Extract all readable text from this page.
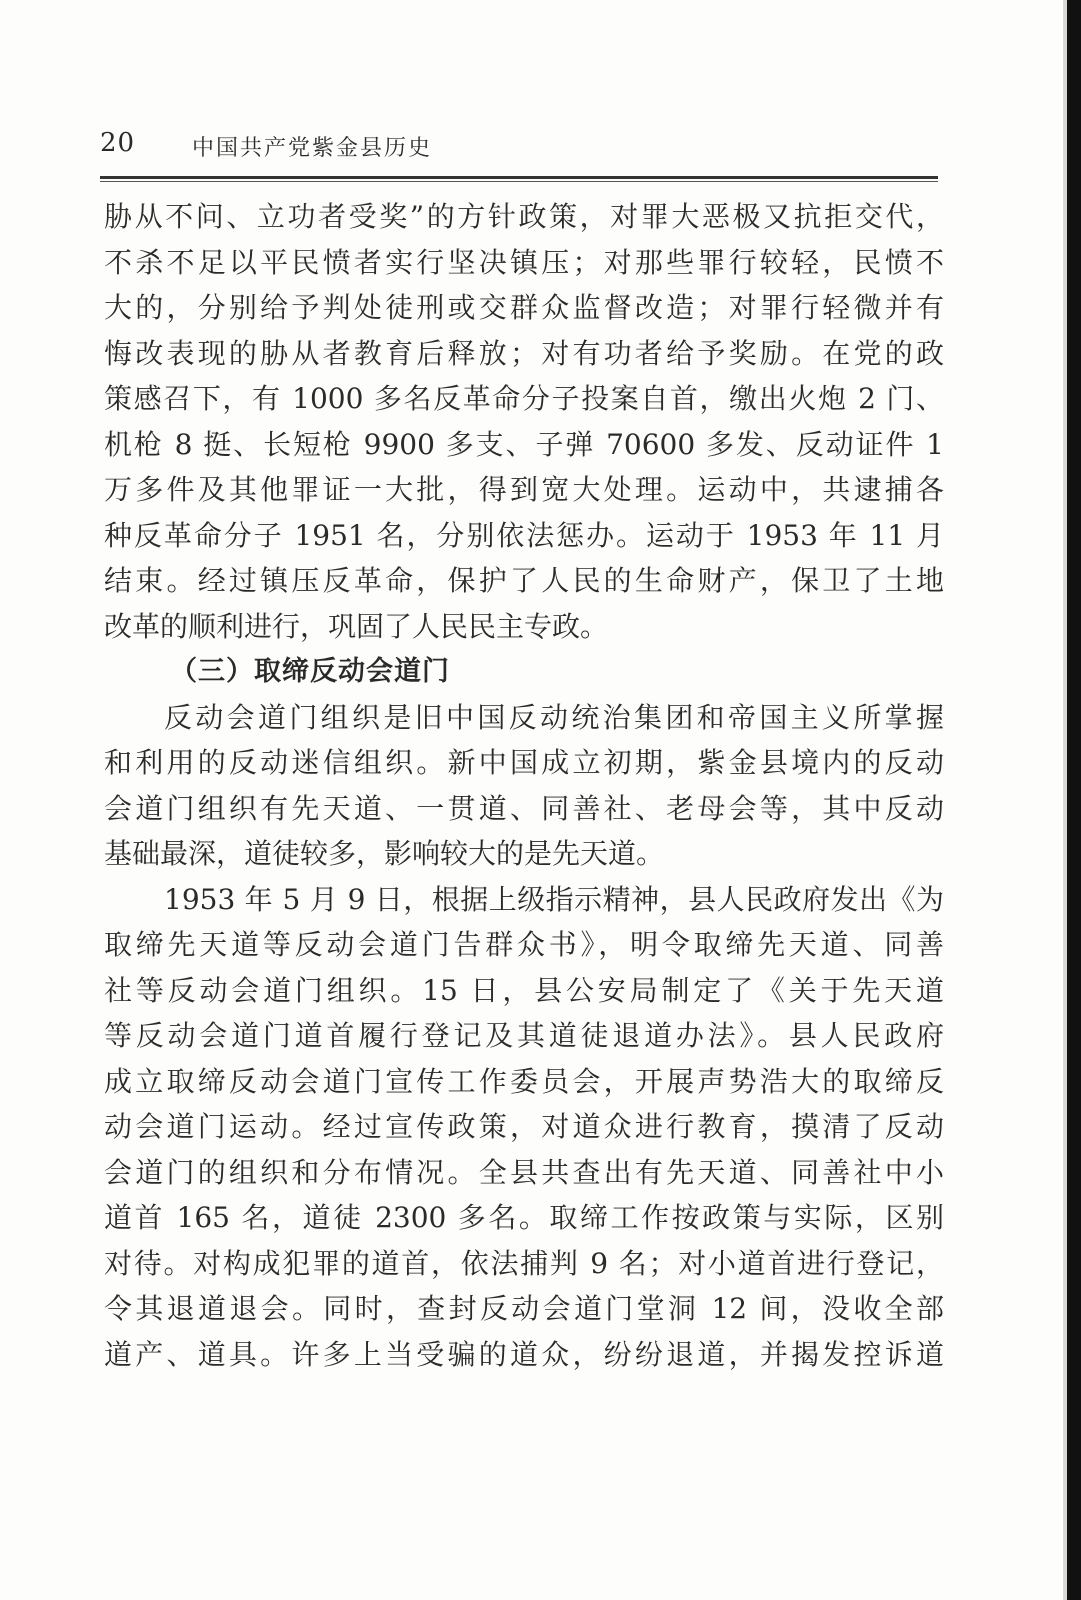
20	中国共产党紫金县历史
胁从不问、立功者受奖”的方针政策，对罪大恶极又抗拒交代，
不杀不足以平民愤者实行坚决镇压；对那些罪行较轻，民愤不
大的，分别给予判处徒刑或交群众监督改造；对罪行轻微并有
悔改表现的胁从者教育后释放；对有功者给予奖励。在党的政
策感召下，有 1000 多名反革命分子投案自首，缴出火炮 2 门、
机枪 8 挺、长短枪 9900 多支、子弹 70600 多发、反动证件 1
万多件及其他罪证一大批，得到宽大处理。运动中，共逮捕各
种反革命分子 1951 名，分别依法惩办。运动于 1953 年 11 月
结束。经过镇压反革命，保护了人民的生命财产，保卫了土地
改革的顺利进行，巩固了人民民主专政。
（三）取缔反动会道门
反动会道门组织是旧中国反动统治集团和帝国主义所掌握
和利用的反动迷信组织。新中国成立初期，紫金县境内的反动
会道门组织有先天道、一贯道、同善社、老母会等，其中反动
基础最深，道徒较多，影响较大的是先天道。
1953 年 5 月 9 日，根据上级指示精神，县人民政府发出《为
取缔先天道等反动会道门告群众书》，明令取缔先天道、同善
社等反动会道门组织。15 日，县公安局制定了《关于先天道
等反动会道门道首履行登记及其道徒退道办法》。县人民政府
成立取缔反动会道门宣传工作委员会，开展声势浩大的取缔反
动会道门运动。经过宣传政策，对道众进行教育，摸清了反动
会道门的组织和分布情况。全县共查出有先天道、同善社中小
道首 165 名，道徒 2300 多名。取缔工作按政策与实际，区别
对待。对构成犯罪的道首，依法捕判 9 名；对小道首进行登记，
令其退道退会。同时，查封反动会道门堂洞 12 间，没收全部
道产、道具。许多上当受骗的道众，纷纷退道，并揭发控诉道
